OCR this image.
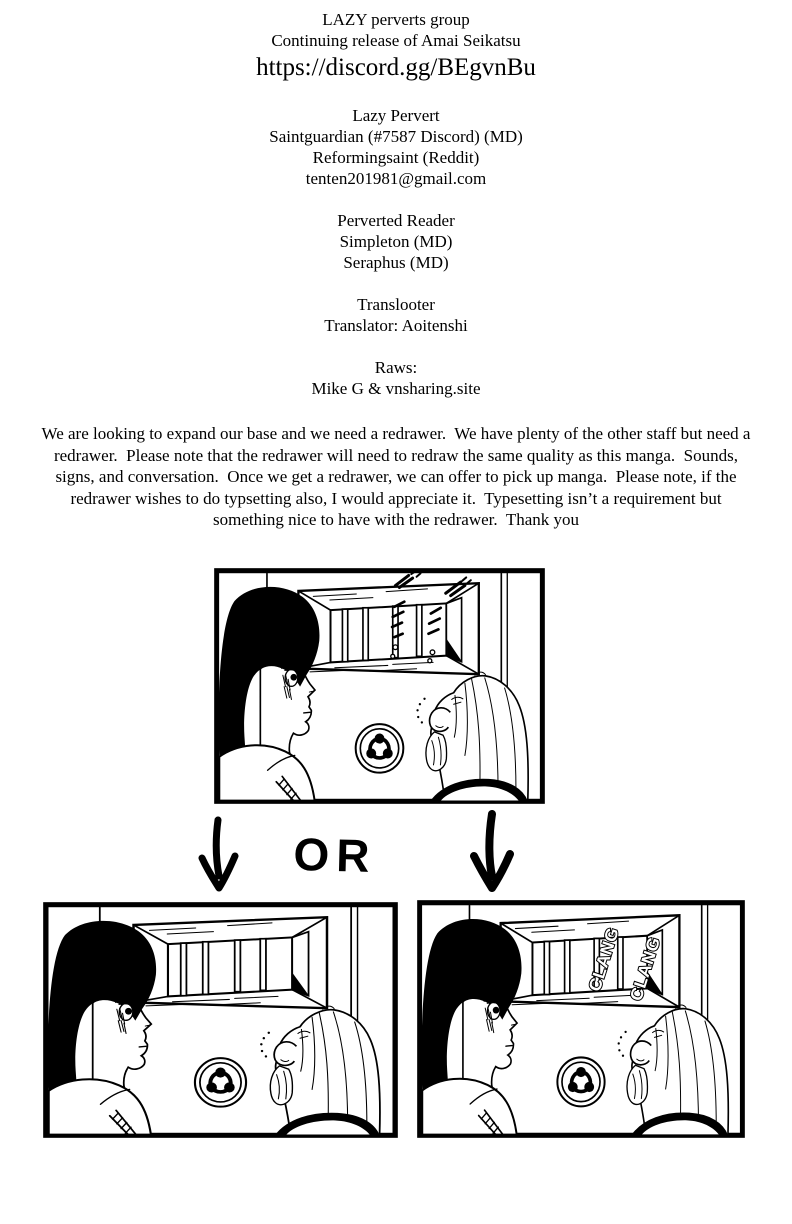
LAZY perverts group
Continuing release of Amai Seikatsu
https://discord.gg/BEgvnBu
Lazy Pervert
Saintguardian (#7587 Discord) (MD)
Reformingsaint (Reddit)
tenten201981@gmail.com
Perverted Reader
Simpleton (MD)
Seraphus (MD)
Translooter
Translator: Aoitenshi
Raws:
Mike G & vnsharing.site
We are looking to expand our base and we need a redrawer.  We have plenty of the other staff but need a
redrawer.  Please note that the redrawer will need to redraw the same quality as this manga.  Sounds,
signs, and conversation.  Once we get a redrawer, we can offer to pick up manga.  Please note, if the
redrawer wishes to do typsetting also, I would appreciate it.  Typesetting isn’t a requirement but
something nice to have with the redrawer.  Thank you
OR
CLANG CLANG
